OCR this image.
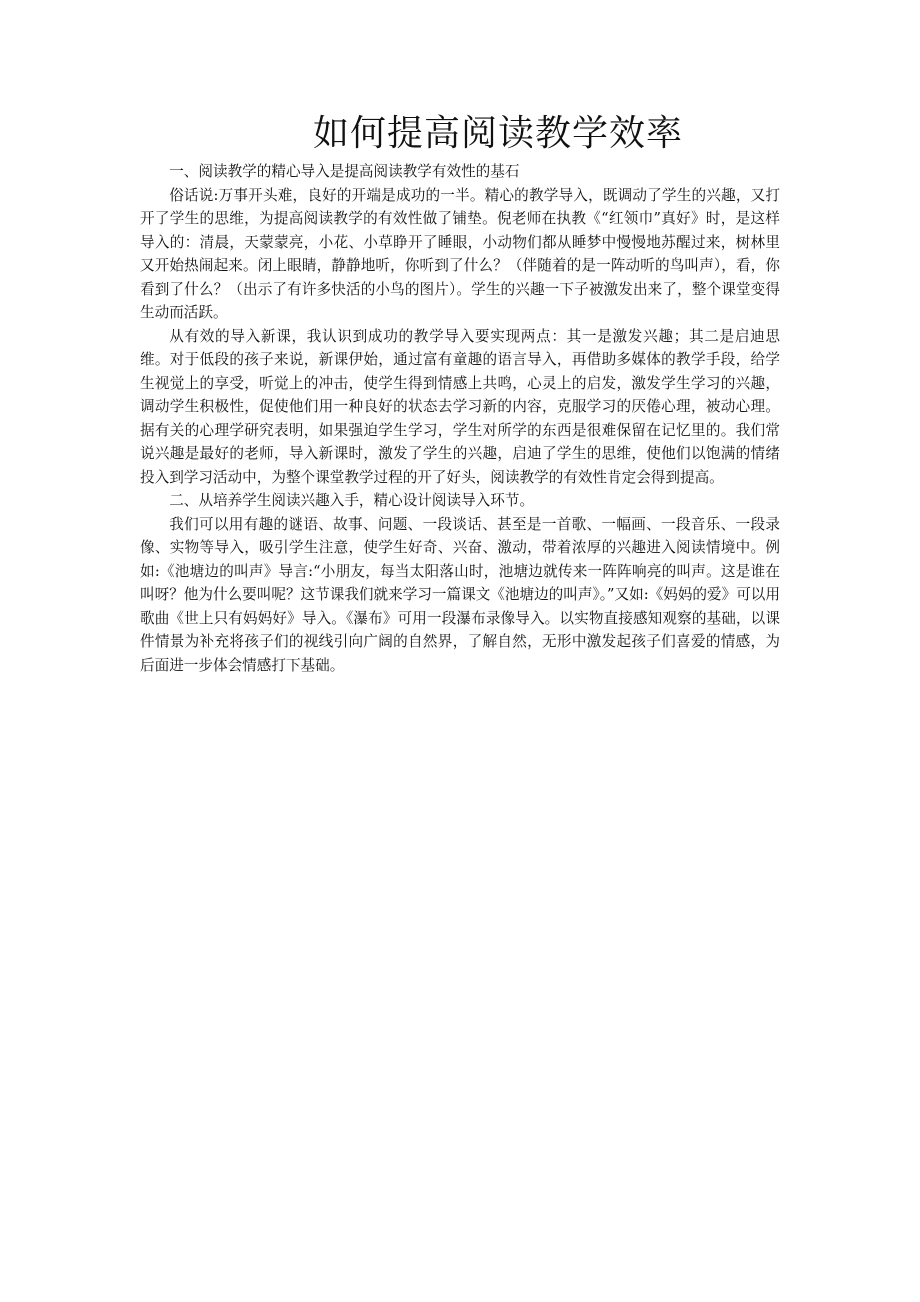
如何提高阅读教学效率

一、阅读教学的精心导入是提高阅读教学有效性的基石

俗话说:万事开头难，良好的开端是成功的一半。精心的教学导入，既调动了学生的兴趣，又打开了学生的思维，为提高阅读教学的有效性做了铺垫。倪老师在执教《“红领巾”真好》时，是这样导入的：清晨，天蒙蒙亮，小花、小草睁开了睡眼，小动物们都从睡梦中慢慢地苏醒过来，树林里又开始热闹起来。闭上眼睛，静静地听，你听到了什么？（伴随着的是一阵动听的鸟叫声），看，你看到了什么？（出示了有许多快活的小鸟的图片）。学生的兴趣一下子被激发出来了，整个课堂变得生动而活跃。

从有效的导入新课，我认识到成功的教学导入要实现两点：其一是激发兴趣；其二是启迪思维。对于低段的孩子来说，新课伊始，通过富有童趣的语言导入，再借助多媒体的教学手段，给学生视觉上的享受，听觉上的冲击，使学生得到情感上共鸣，心灵上的启发，激发学生学习的兴趣，调动学生积极性，促使他们用一种良好的状态去学习新的内容，克服学习的厌倦心理，被动心理。据有关的心理学研究表明，如果强迫学生学习，学生对所学的东西是很难保留在记忆里的。我们常说兴趣是最好的老师，导入新课时，激发了学生的兴趣，启迪了学生的思维，使他们以饱满的情绪投入到学习活动中，为整个课堂教学过程的开了好头，阅读教学的有效性肯定会得到提高。

二、从培养学生阅读兴趣入手，精心设计阅读导入环节。

我们可以用有趣的谜语、故事、问题、一段谈话、甚至是一首歌、一幅画、一段音乐、一段录像、实物等导入，吸引学生注意，使学生好奇、兴奋、激动，带着浓厚的兴趣进入阅读情境中。例如:《池塘边的叫声》导言:“小朋友，每当太阳落山时，池塘边就传来一阵阵响亮的叫声。这是谁在叫呀？他为什么要叫呢？这节课我们就来学习一篇课文《池塘边的叫声》。”又如:《妈妈的爱》可以用歌曲《世上只有妈妈好》导入。《瀑布》可用一段瀑布录像导入。以实物直接感知观察的基础，以课件情景为补充将孩子们的视线引向广阔的自然界，了解自然，无形中激发起孩子们喜爱的情感，为后面进一步体会情感打下基础。
